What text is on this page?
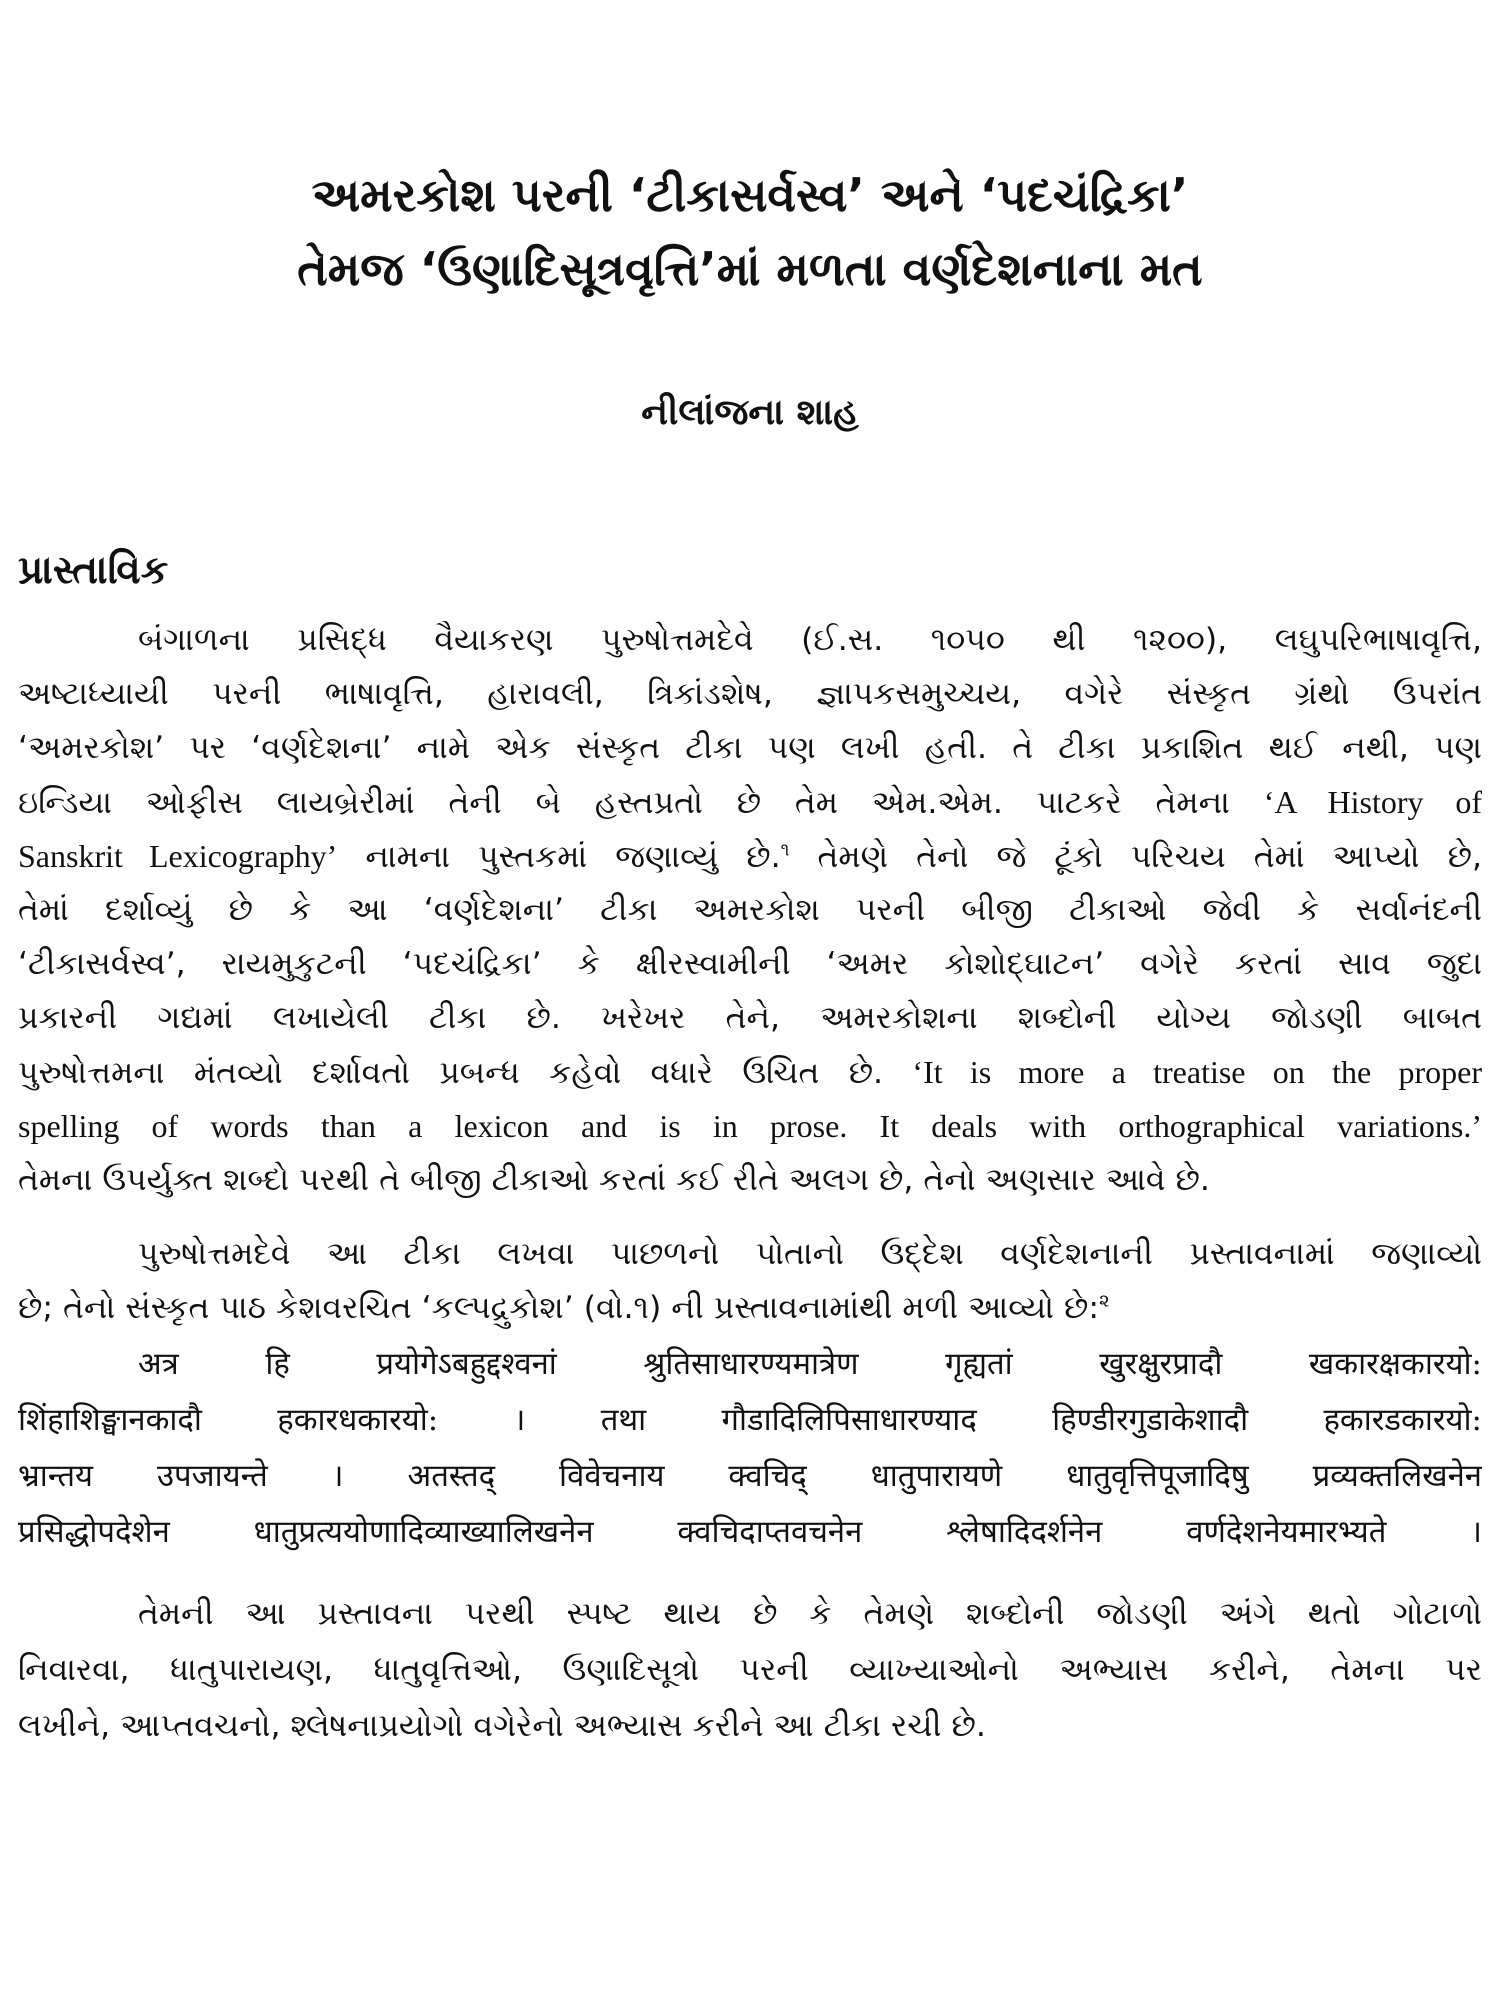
અમરકોશ પરની ‘ટીકાસર્વસ્વ’ અને ‘પદચંદ્રિકા’
તેમજ ‘ઉણાદિસૂત્રવૃત્તિ’માં મળતા વર્ણદેશનાના મત
નીલાંજના શાહ
પ્રાસ્તાવિક
બંગાળના પ્રસિદ્ધ વૈયાકરણ પુરુષોત્તમદેવે (ઈ.સ. ૧૦૫૦ થી ૧૨૦૦), લઘુપરિભાષાવૃત્તિ,
અષ્ટાધ્યાયી પરની ભાષાવૃત્તિ, હારાવલી, ત્રિકાંડશેષ, જ્ઞાપકસમુચ્ચય, વગેરે સંસ્કૃત ગ્રંથો ઉપરાંત
‘અમરકોશ’ પર ‘વર્ણદેશના’ નામે એક સંસ્કૃત ટીકા પણ લખી હતી. તે ટીકા પ્રકાશિત થઈ નથી, પણ
ઇન્ડિયા ઓફીસ લાયબ્રેરીમાં તેની બે હસ્તપ્રતો છે તેમ એમ.એમ. પાટકરે તેમના ‘A History of
Sanskrit Lexicography’ નામના પુસ્તકમાં જણાવ્યું છે.$^૧$ તેમણે તેનો જે ટૂંકો પરિચય તેમાં આપ્યો છે,
તેમાં દર્શાવ્યું છે કે આ ‘વર્ણદેશના’ ટીકા અમરકોશ પરની બીજી ટીકાઓ જેવી કે સર્વાનંદની
‘ટીકાસર્વસ્વ’, રાયમુકુટની ‘પદચંદ્રિકા’ કે ક્ષીરસ્વામીની ‘અમર કોશોદ્ઘાટન’ વગેરે કરતાં સાવ જુદા
પ્રકારની ગદ્યમાં લખાયેલી ટીકા છે. ખરેખર તેને, અમરકોશના શબ્દોની યોગ્ય જોડણી બાબત
પુરુષોત્તમના મંતવ્યો દર્શાવતો પ્રબન્ધ કહેવો વધારે ઉચિત છે. ‘It is more a treatise on the proper
spelling of words than a lexicon and is in prose. It deals with orthographical variations.’
તેમના ઉપર્યુક્ત શબ્દો પરથી તે બીજી ટીકાઓ કરતાં કઈ રીતે અલગ છે, તેનો અણસાર આવે છે.
પુરુષોત્તમદેવે આ ટીકા લખવા પાછળનો પોતાનો ઉદ્દેશ વર્ણદેશનાની પ્રસ્તાવનામાં જણાવ્યો
છે; તેનો સંસ્કૃત પાઠ કેશવરચિત ‘કલ્પદ્રુકોશ’ (વો.૧) ની પ્રસ્તાવનામાંથી મળી આવ્યો છે:$^૨$
अत्र हि प्रयोगेऽबहुद्दश्वनां श्रुतिसाधारण्यमात्रेण गृह्यतां खुरक्षुरप्रादौ खकारक्षकारयो:
शिंहाशिङ्घानकादौ हकारधकारयो: । तथा गौडादिलिपिसाधारण्याद हिण्डीरगुडाकेशादौ हकारडकारयो:
भ्रान्तय उपजायन्ते । अतस्तद् विवेचनाय क्वचिद् धातुपारायणे धातुवृत्तिपूजादिषु प्रव्यक्तलिखनेन
प्रसिद्धोपदेशेन धातुप्रत्ययोणादिव्याख्यालिखनेन क्वचिदाप्तवचनेन श्लेषादिदर्शनेन वर्णदेशनेयमारभ्यते ।
તેમની આ પ્રસ્તાવના પરથી સ્પષ્ટ થાય છે કે તેમણે શબ્દોની જોડણી અંગે થતો ગોટાળો
નિવારવા, ધાતુપારાયણ, ધાતુવૃત્તિઓ, ઉણાદિસૂત્રો પરની વ્યાખ્યાઓનો અભ્યાસ કરીને, તેમના પર
લખીને, આપ્તવચનો, શ્લેષનાપ્રયોગો વગેરેનો અભ્યાસ કરીને આ ટીકા રચી છે.
